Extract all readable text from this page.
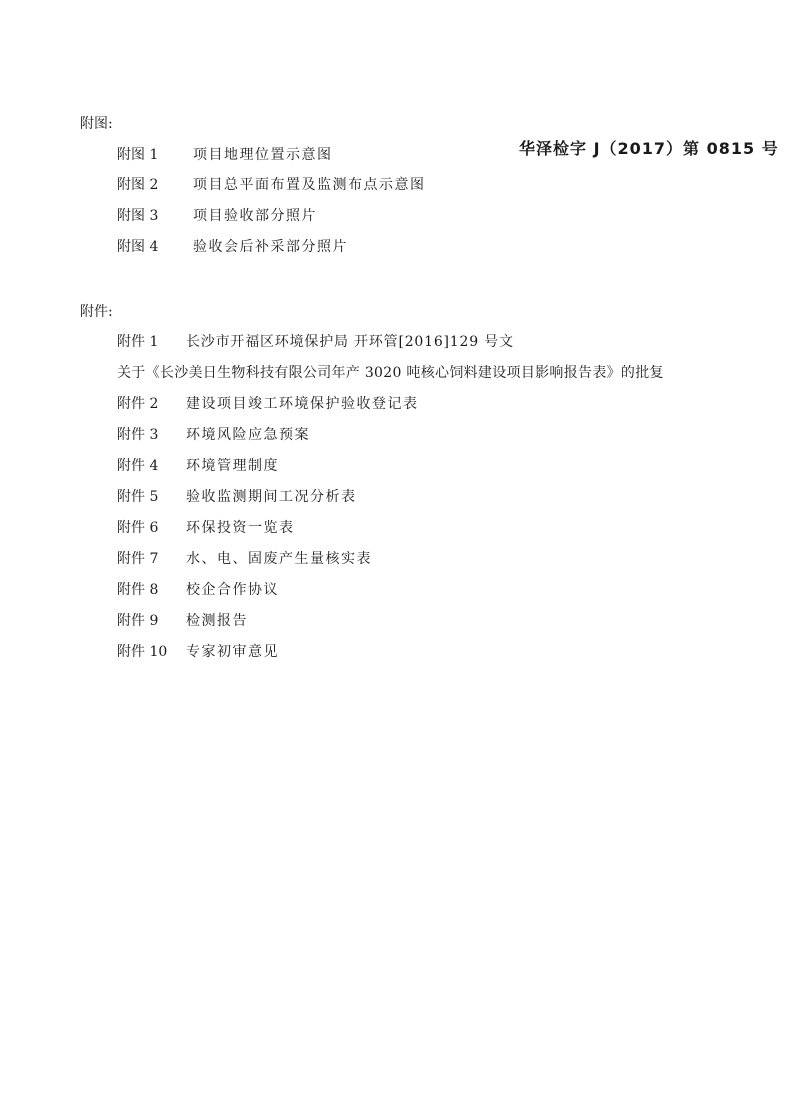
华泽检字 J（2017）第 0815 号
附图:
附图 1 项目地理位置示意图
附图 2 项目总平面布置及监测布点示意图
附图 3 项目验收部分照片
附图 4 验收会后补采部分照片
附件:
附件 1 长沙市开福区环境保护局 开环管[2016]129 号文
关于《长沙美日生物科技有限公司年产 3020 吨核心饲料建设项目影响报告表》的批复
附件 2 建设项目竣工环境保护验收登记表
附件 3 环境风险应急预案
附件 4 环境管理制度
附件 5 验收监测期间工况分析表
附件 6 环保投资一览表
附件 7 水、电、固废产生量核实表
附件 8 校企合作协议
附件 9 检测报告
附件 10 专家初审意见
